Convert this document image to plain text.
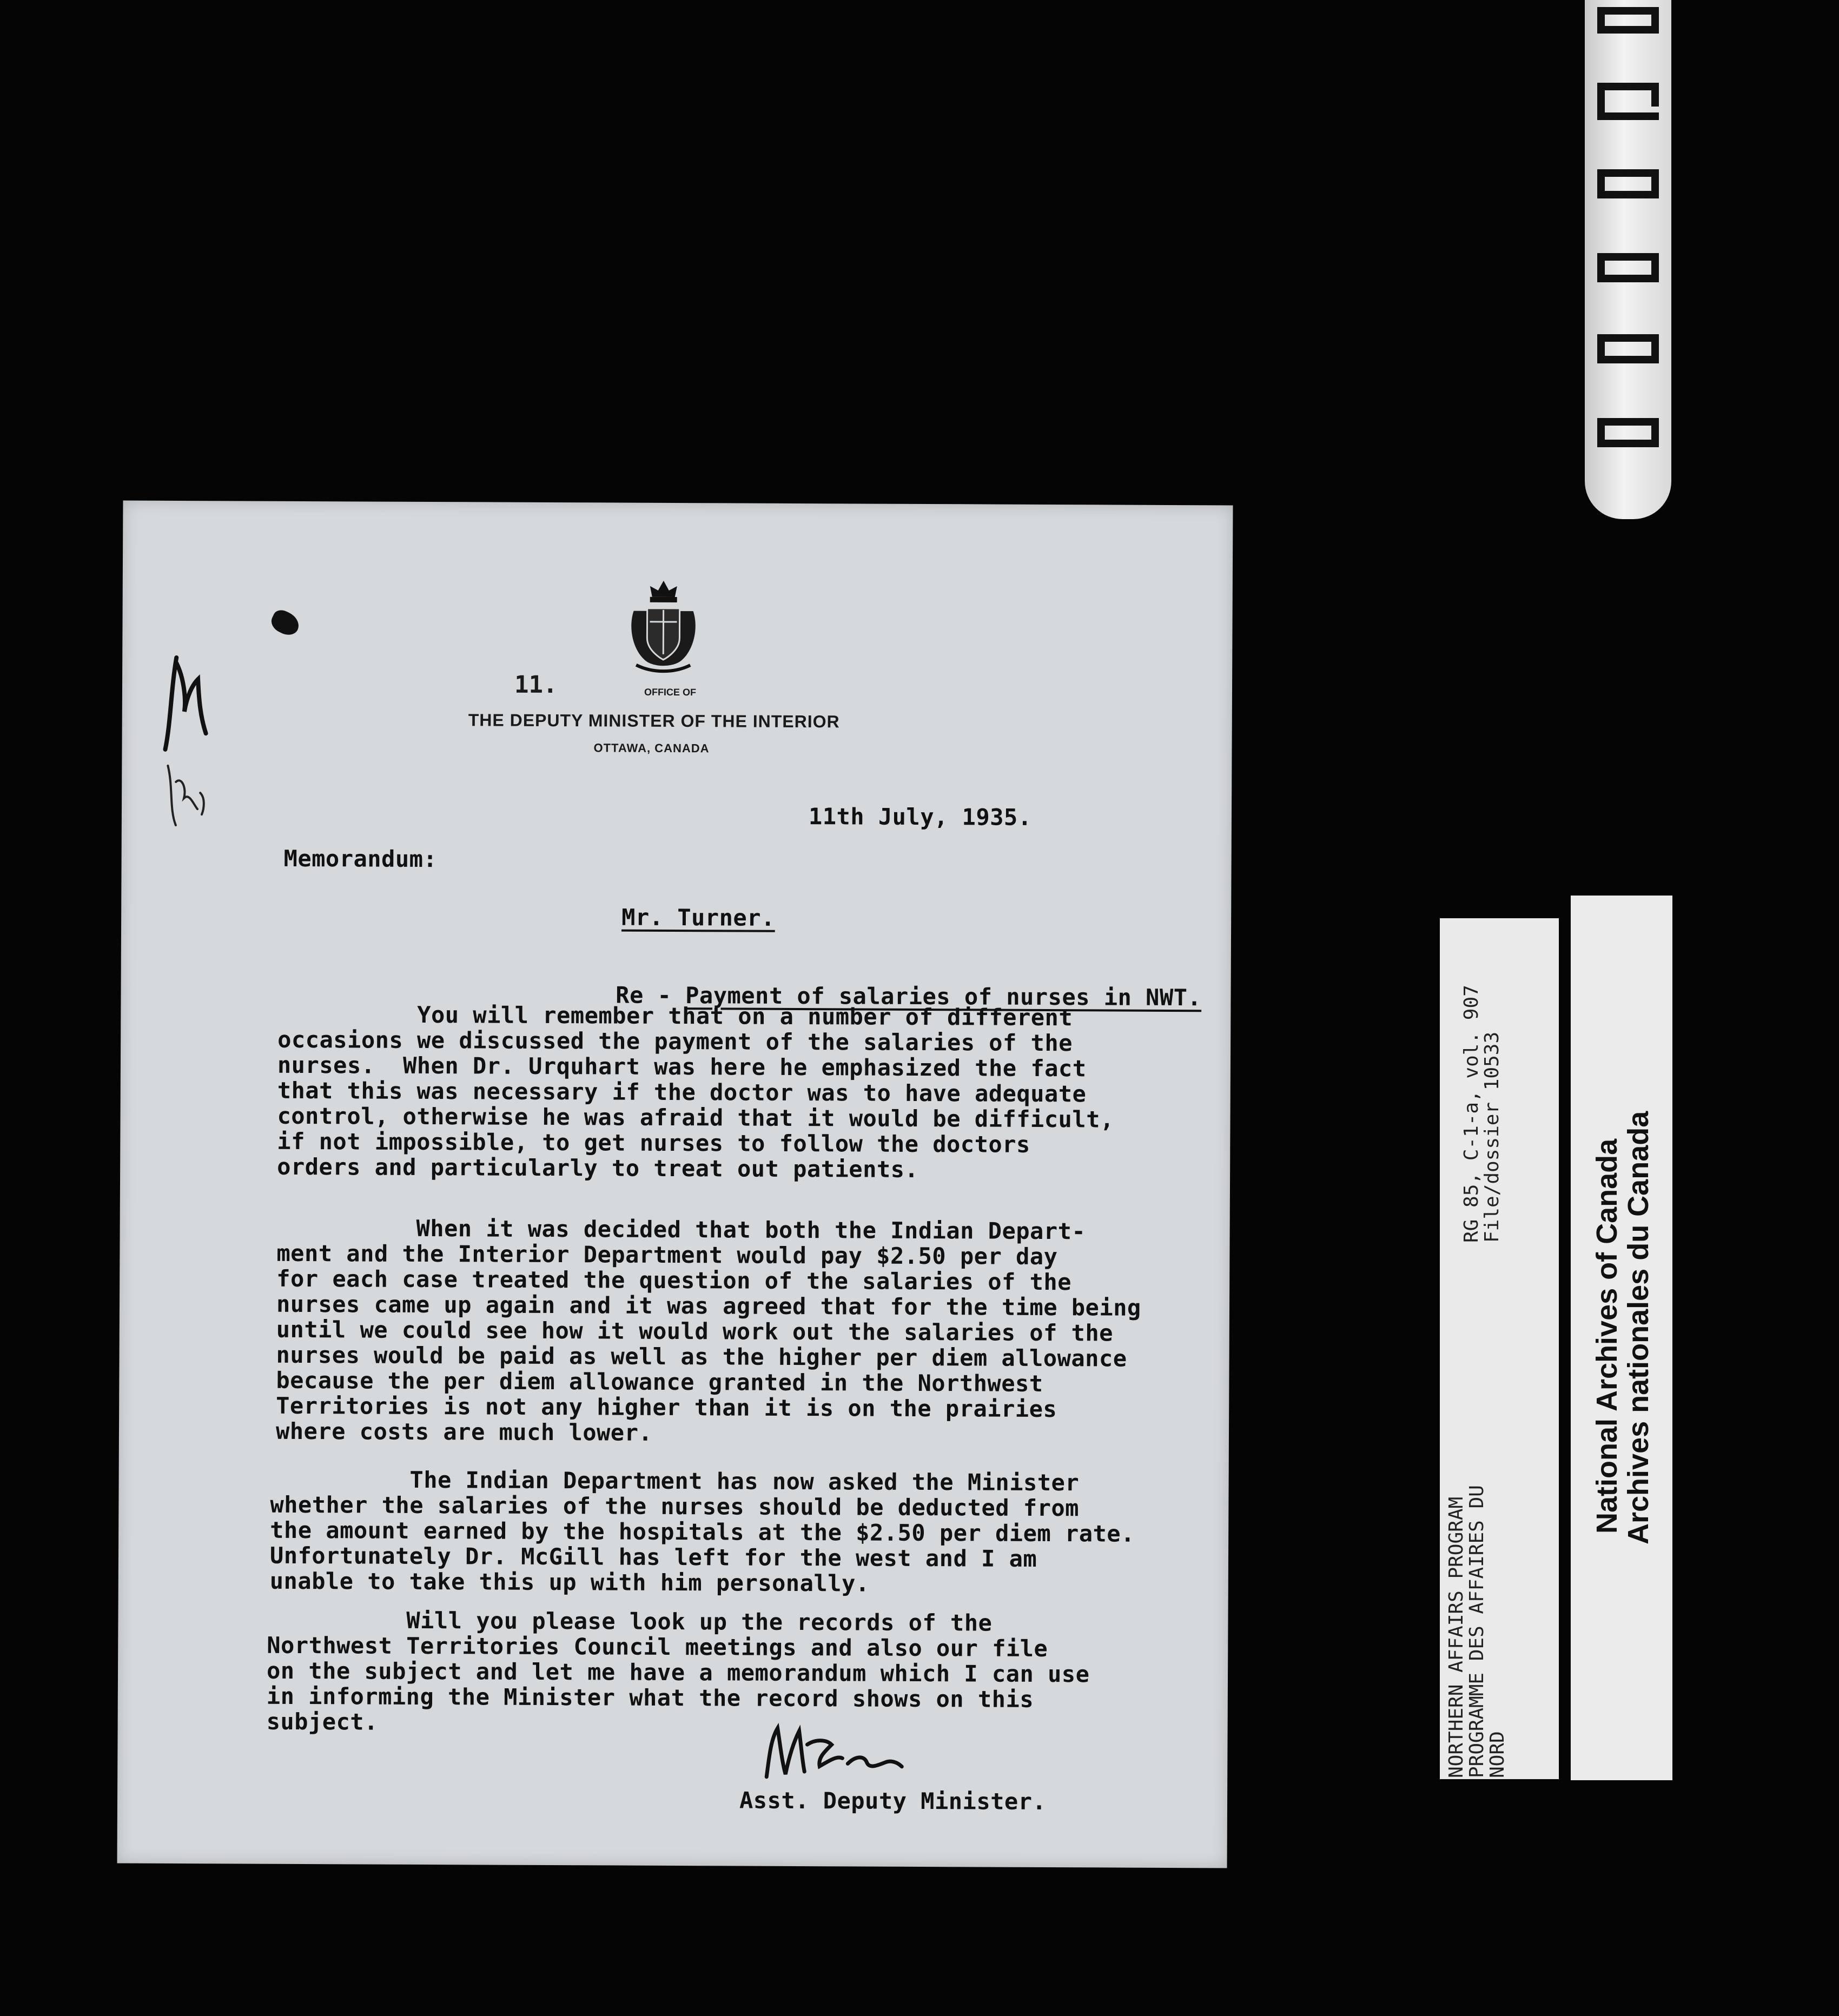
11.	OFFICE OF
THE DEPUTY MINISTER OF THE INTERIOR
OTTAWA, CANADA
11th July, 1935.
Memorandum:
Mr. Turner.

Re - Payment of salaries of nurses in NWT.

You will remember that on a number of different
occasions we discussed the payment of the salaries of the
nurses.  When Dr. Urquhart was here he emphasized the fact
that this was necessary if the doctor was to have adequate
control, otherwise he was afraid that it would be difficult,
if not impossible, to get nurses to follow the doctors
orders and particularly to treat out patients.
When it was decided that both the Indian Depart-
ment and the Interior Department would pay $2.50 per day
for each case treated the question of the salaries of the
nurses came up again and it was agreed that for the time being
until we could see how it would work out the salaries of the
nurses would be paid as well as the higher per diem allowance
because the per diem allowance granted in the Northwest
Territories is not any higher than it is on the prairies
where costs are much lower.
The Indian Department has now asked the Minister
whether the salaries of the nurses should be deducted from
the amount earned by the hospitals at the $2.50 per diem rate.
Unfortunately Dr. McGill has left for the west and I am
unable to take this up with him personally.
Will you please look up the records of the
Northwest Territories Council meetings and also our file
on the subject and let me have a memorandum which I can use
in informing the Minister what the record shows on this
subject.
Asst. Deputy Minister.
RG 85, C-1-a, vol. 907
File/dossier 10533
NORTHERN AFFAIRS PROGRAM
PROGRAMME DES AFFAIRES DU
NORD
National Archives of Canada
Archives nationales du Canada
